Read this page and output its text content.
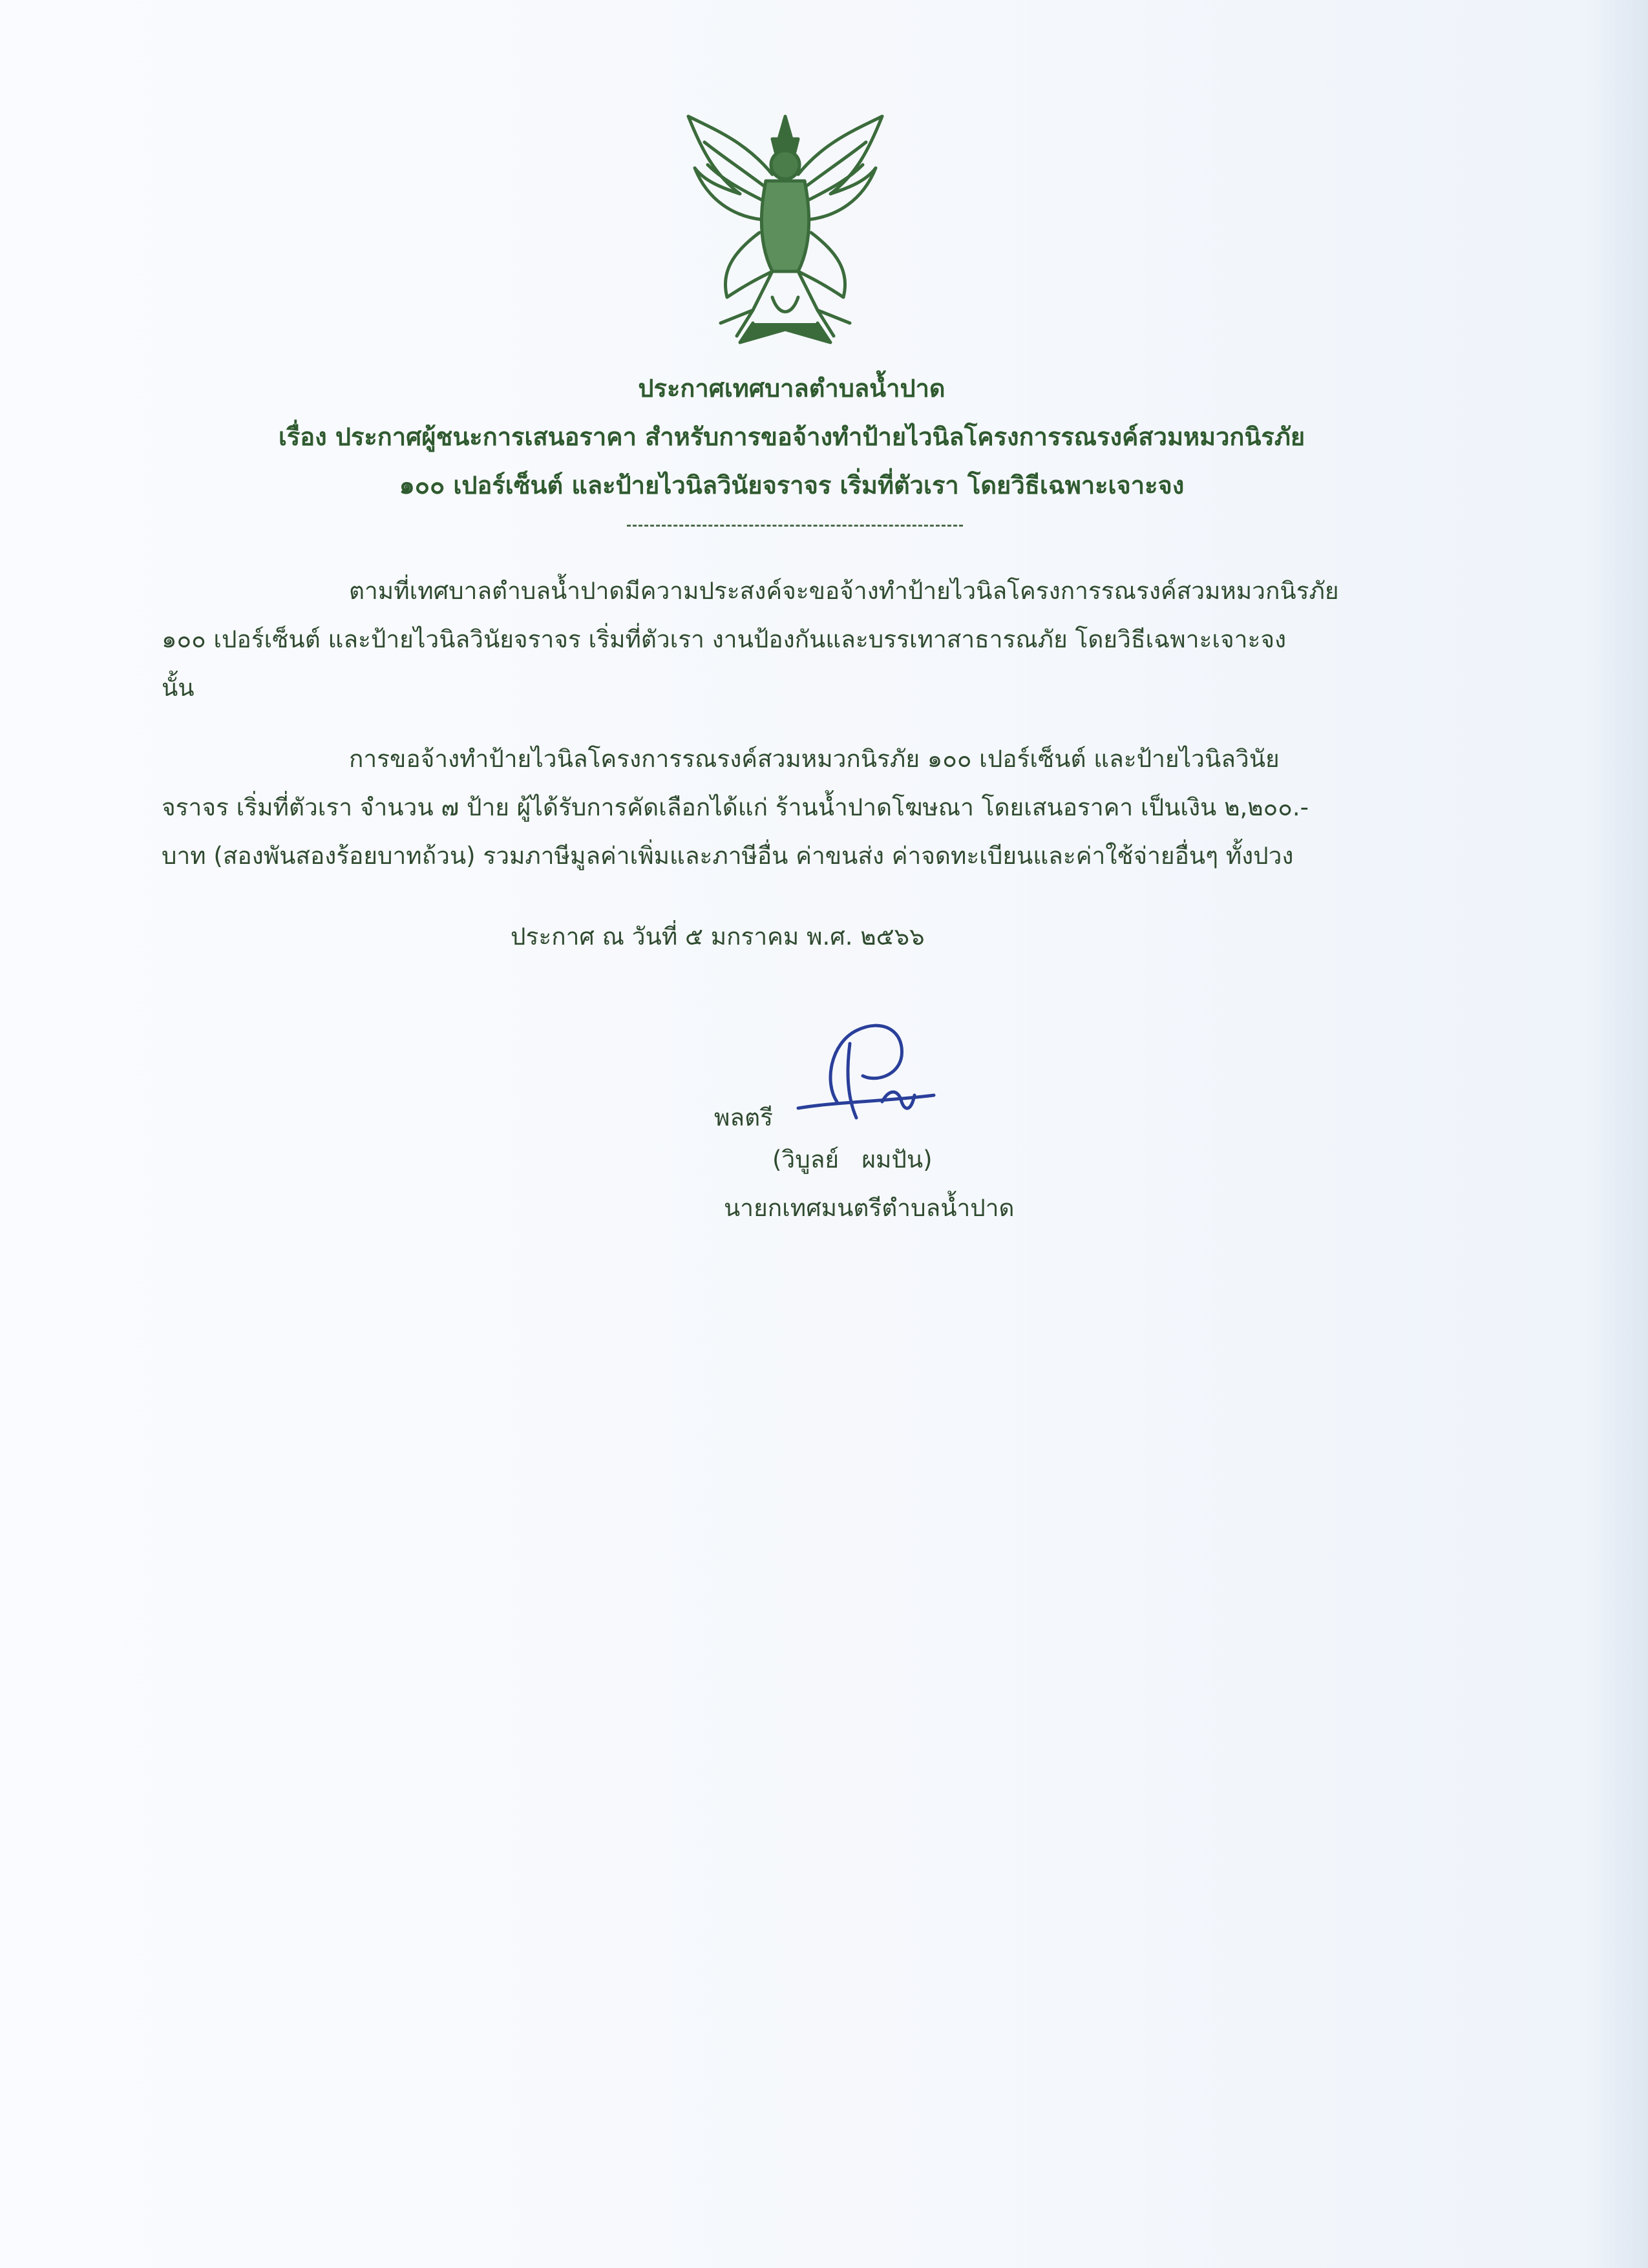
ประกาศเทศบาลตำบลน้ำปาด
เรื่อง ประกาศผู้ชนะการเสนอราคา สำหรับการขอจ้างทำป้ายไวนิลโครงการรณรงค์สวมหมวกนิรภัย
๑๐๐ เปอร์เซ็นต์ และป้ายไวนิลวินัยจราจร เริ่มที่ตัวเรา โดยวิธีเฉพาะเจาะจง
ตามที่เทศบาลตำบลน้ำปาดมีความประสงค์จะขอจ้างทำป้ายไวนิลโครงการรณรงค์สวมหมวกนิรภัย
๑๐๐ เปอร์เซ็นต์ และป้ายไวนิลวินัยจราจร เริ่มที่ตัวเรา งานป้องกันและบรรเทาสาธารณภัย โดยวิธีเฉพาะเจาะจง
นั้น
การขอจ้างทำป้ายไวนิลโครงการรณรงค์สวมหมวกนิรภัย ๑๐๐ เปอร์เซ็นต์ และป้ายไวนิลวินัย
จราจร เริ่มที่ตัวเรา จำนวน ๗ ป้าย ผู้ได้รับการคัดเลือกได้แก่ ร้านน้ำปาดโฆษณา โดยเสนอราคา เป็นเงิน ๒,๒๐๐.-
บาท (สองพันสองร้อยบาทถ้วน) รวมภาษีมูลค่าเพิ่มและภาษีอื่น ค่าขนส่ง ค่าจดทะเบียนและค่าใช้จ่ายอื่นๆ ทั้งปวง
ประกาศ ณ วันที่ ๕ มกราคม พ.ศ. ๒๕๖๖
พลตรี
(วิบูลย์   ผมปัน)
นายกเทศมนตรีตำบลน้ำปาด
